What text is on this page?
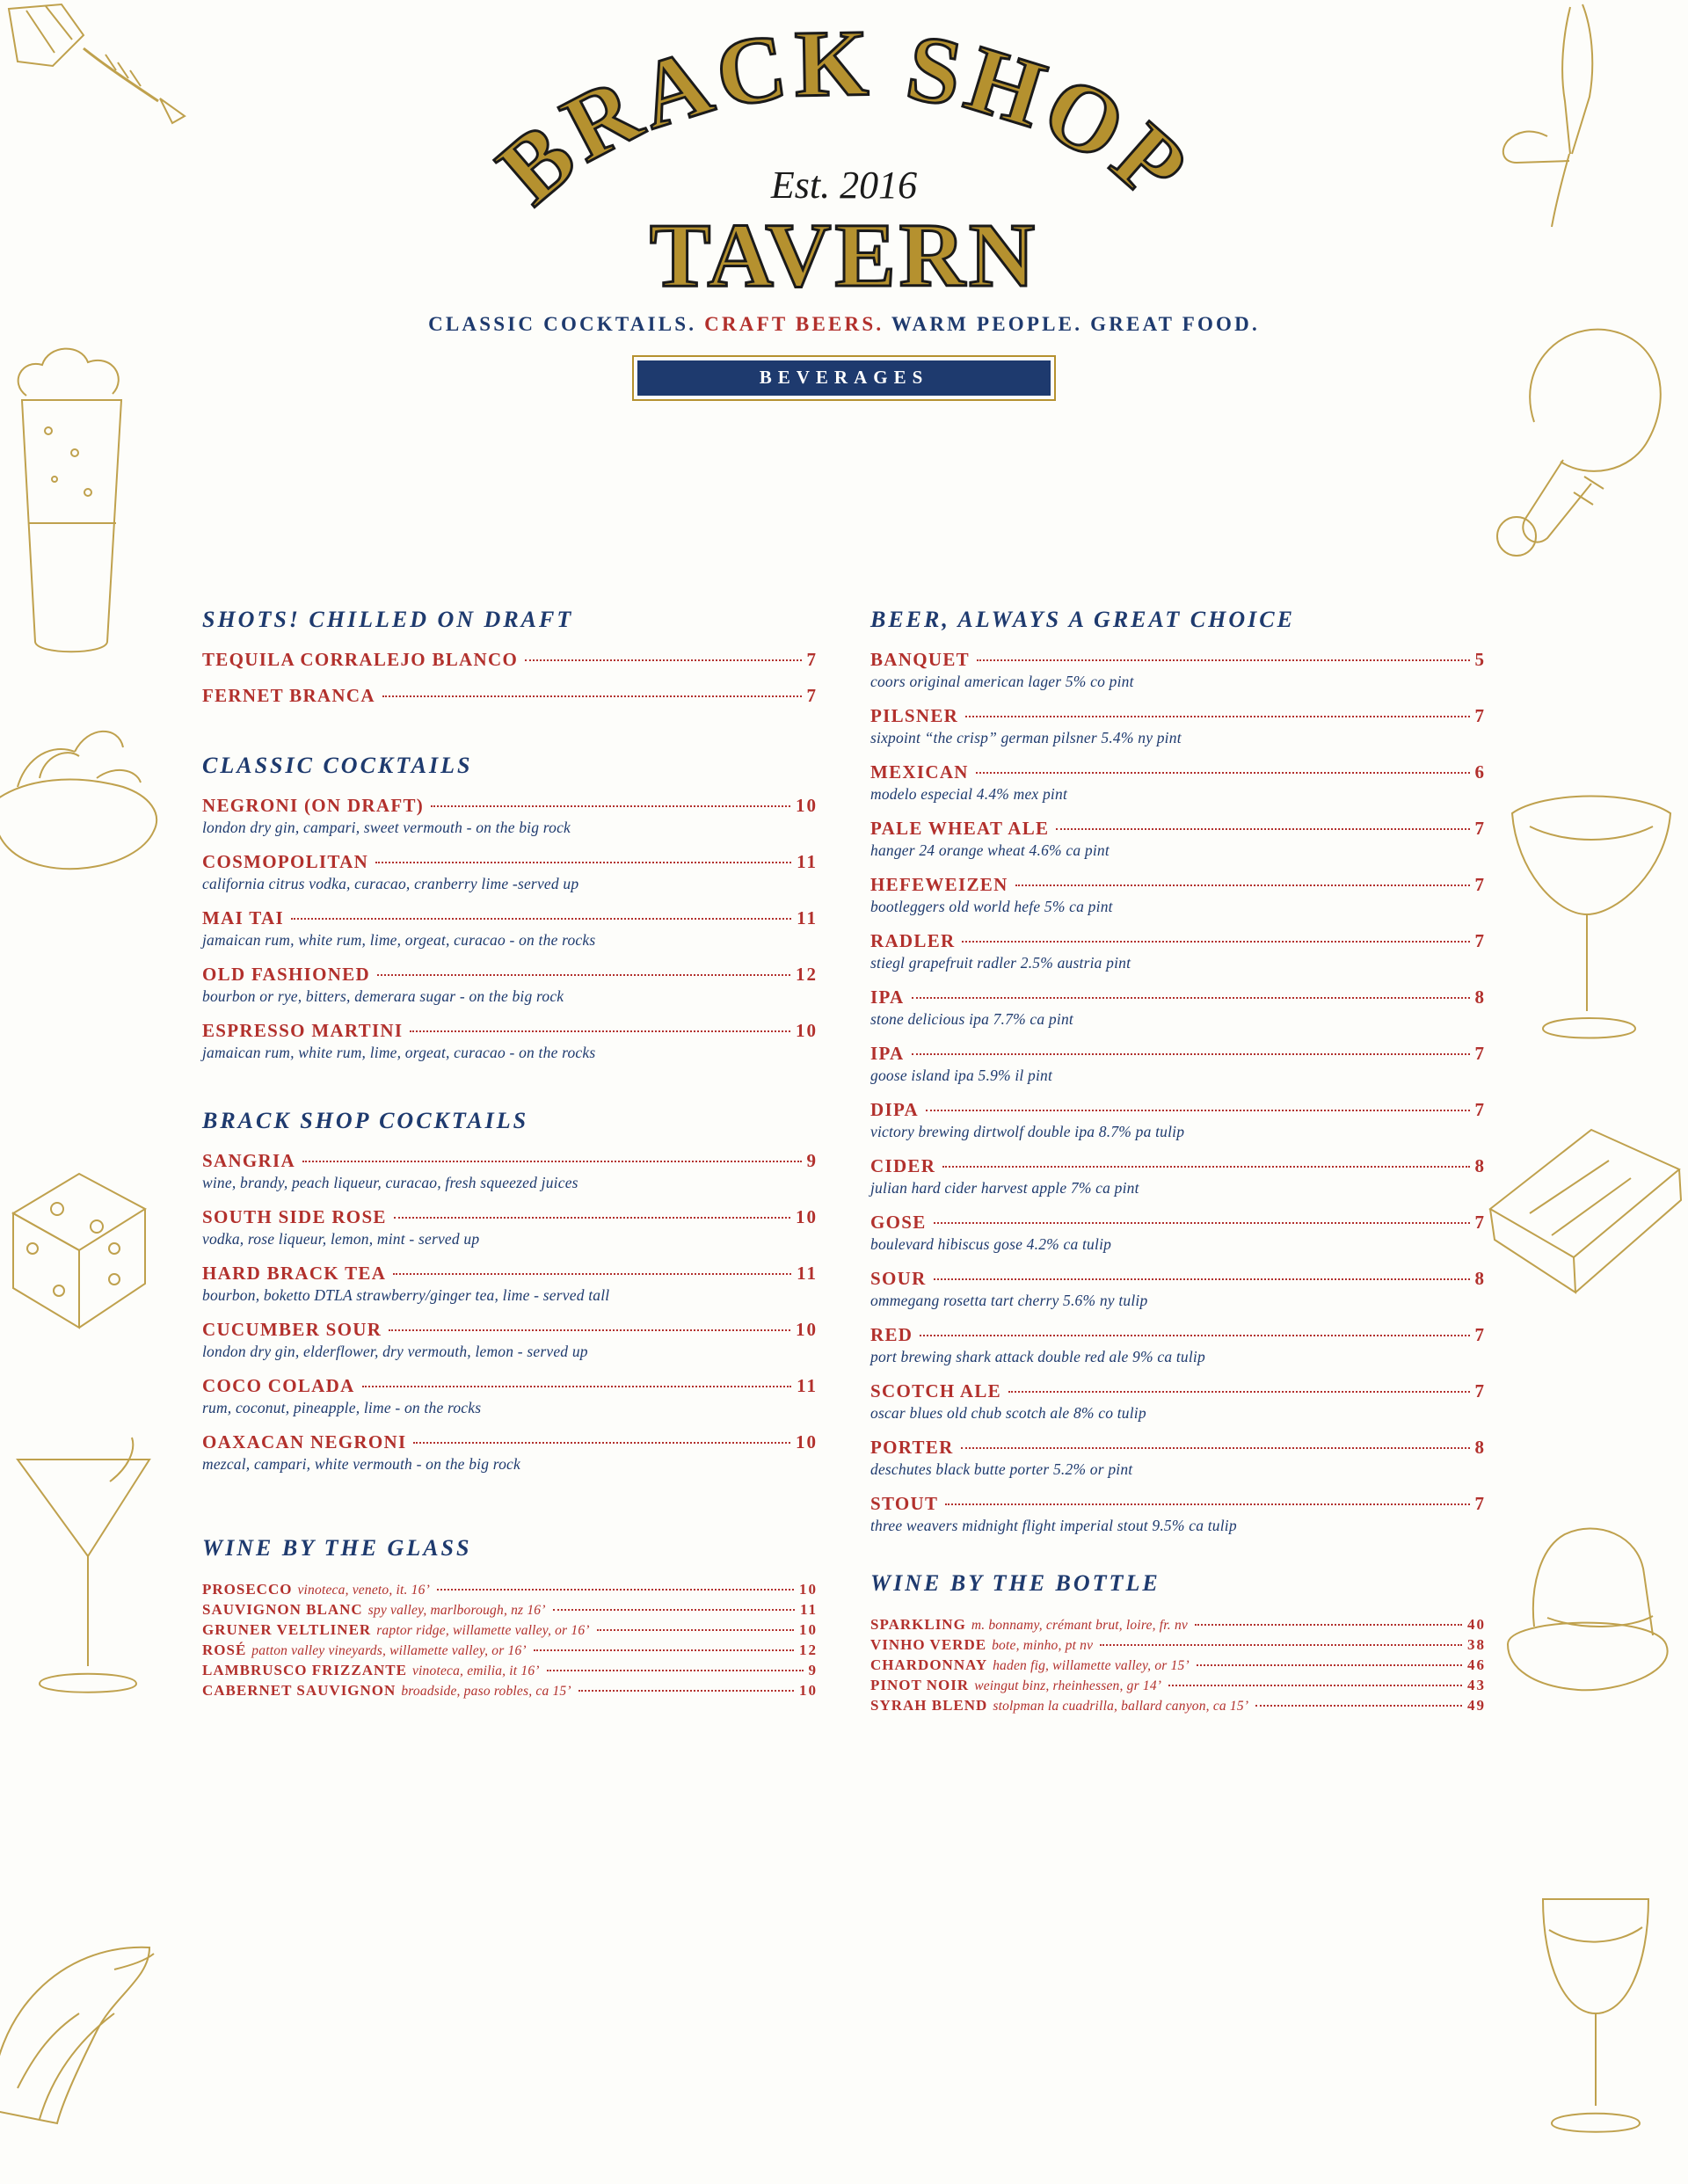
BRACK SHOP
Est. 2016
TAVERN
CLASSIC COCKTAILS. CRAFT BEERS. WARM PEOPLE. GREAT FOOD.
BEVERAGES
SHOTS! CHILLED ON DRAFT
TEQUILA CORRALEJO BLANCO	7
FERNET BRANCA	7
CLASSIC COCKTAILS
NEGRONI (ON DRAFT)	10
london dry gin, campari, sweet vermouth - on the big rock
COSMOPOLITAN	11
california citrus vodka, curacao, cranberry lime -served up
MAI TAI	11
jamaican rum, white rum, lime, orgeat, curacao - on the rocks
OLD FASHIONED	12
bourbon or rye, bitters, demerara sugar - on the big rock
ESPRESSO MARTINI	10
jamaican rum, white rum, lime, orgeat, curacao - on the rocks
BRACK SHOP COCKTAILS
SANGRIA	9
wine, brandy, peach liqueur, curacao, fresh squeezed juices
SOUTH SIDE ROSE	10
vodka, rose liqueur, lemon, mint - served up
HARD BRACK TEA	11
bourbon, boketto DTLA strawberry/ginger tea, lime - served tall
CUCUMBER SOUR	10
london dry gin, elderflower, dry vermouth, lemon - served up
COCO COLADA	11
rum, coconut, pineapple, lime - on the rocks
OAXACAN NEGRONI	10
mezcal, campari, white vermouth - on the big rock
WINE BY THE GLASS
PROSECCO vinoteca, veneto, it. 16’	10
SAUVIGNON BLANC spy valley, marlborough, nz 16’	11
GRUNER VELTLINER raptor ridge, willamette valley, or 16’	10
ROSÉ patton valley vineyards, willamette valley, or 16’	12
LAMBRUSCO FRIZZANTE vinoteca, emilia, it 16’	9
CABERNET SAUVIGNON broadside, paso robles, ca 15’	10
BEER, ALWAYS A GREAT CHOICE
BANQUET	5
coors original american lager 5% co pint
PILSNER	7
sixpoint “the crisp” german pilsner 5.4% ny pint
MEXICAN	6
modelo especial 4.4% mex pint
PALE WHEAT ALE	7
hanger 24 orange wheat 4.6% ca pint
HEFEWEIZEN	7
bootleggers old world hefe 5% ca pint
RADLER	7
stiegl grapefruit radler 2.5% austria pint
IPA	8
stone delicious ipa 7.7% ca pint
IPA	7
goose island ipa 5.9% il pint
DIPA	7
victory brewing dirtwolf double ipa 8.7% pa tulip
CIDER	8
julian hard cider harvest apple 7% ca pint
GOSE	7
boulevard hibiscus gose 4.2% ca tulip
SOUR	8
ommegang rosetta tart cherry 5.6% ny tulip
RED	7
port brewing shark attack double red ale 9% ca tulip
SCOTCH ALE	7
oscar blues old chub scotch ale 8% co tulip
PORTER	8
deschutes black butte porter 5.2% or pint
STOUT	7
three weavers midnight flight imperial stout 9.5% ca tulip
WINE BY THE BOTTLE
SPARKLING m. bonnamy, crémant brut, loire, fr. nv	40
VINHO VERDE bote, minho, pt nv	38
CHARDONNAY haden fig, willamette valley, or 15’	46
PINOT NOIR weingut binz, rheinhessen, gr 14’	43
SYRAH BLEND stolpman la cuadrilla, ballard canyon, ca 15’	49
